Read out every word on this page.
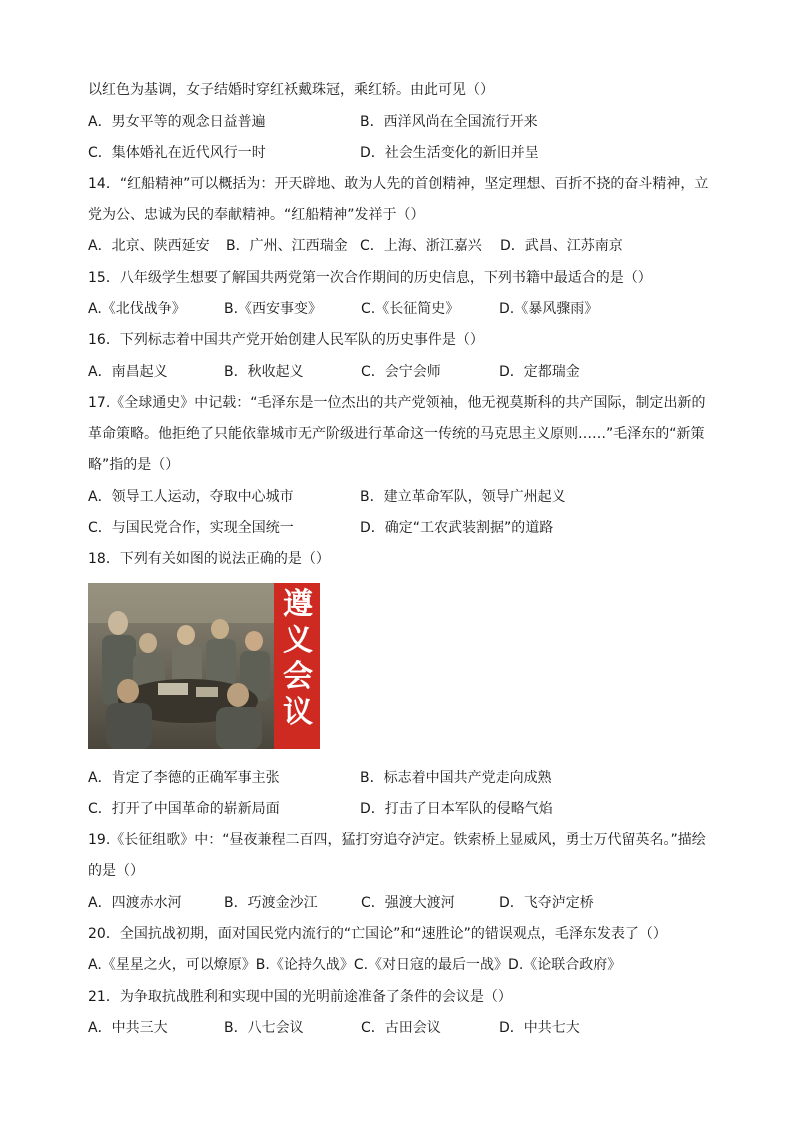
以红色为基调，女子结婚时穿红袄戴珠冠，乘红轿。由此可见（）
A．男女平等的观念日益普遍	B．西洋风尚在全国流行开来
C．集体婚礼在近代风行一时	D．社会生活变化的新旧并呈
14．“红船精神”可以概括为：开天辟地、敢为人先的首创精神，坚定理想、百折不挠的奋斗精神，立
党为公、忠诚为民的奉献精神。“红船精神”发祥于（）
A．北京、陕西延安 B．广州、江西瑞金 C．上海、浙江嘉兴 D．武昌、江苏南京
15．八年级学生想要了解国共两党第一次合作期间的历史信息，下列书籍中最适合的是（）
A.《北伐战争》	B.《西安事变》	C.《长征简史》	D.《暴风骤雨》
16．下列标志着中国共产党开始创建人民军队的历史事件是（）
A．南昌起义	B．秋收起义	C．会宁会师	D．定都瑞金
17.《全球通史》中记载：“毛泽东是一位杰出的共产党领袖，他无视莫斯科的共产国际，制定出新的
革命策略。他拒绝了只能依靠城市无产阶级进行革命这一传统的马克思主义原则……”毛泽东的“新策
略”指的是（）
A．领导工人运动，夺取中心城市	B．建立革命军队，领导广州起义
C．与国民党合作，实现全国统一	D．确定“工农武装割据”的道路
18．下列有关如图的说法正确的是（）
遵
义
会
议
A．肯定了李德的正确军事主张	B．标志着中国共产党走向成熟
C．打开了中国革命的崭新局面	D．打击了日本军队的侵略气焰
19.《长征组歌》中：“昼夜兼程二百四，猛打穷追夺泸定。铁索桥上显威风，勇士万代留英名。”描绘
的是（）
A．四渡赤水河	B．巧渡金沙江	C．强渡大渡河	D．飞夺泸定桥
20．全国抗战初期，面对国民党内流行的“亡国论”和“速胜论”的错误观点，毛泽东发表了（）
A.《星星之火，可以燎原》B.《论持久战》C.《对日寇的最后一战》D.《论联合政府》
21．为争取抗战胜利和实现中国的光明前途准备了条件的会议是（）
A．中共三大	B．八七会议	C．古田会议	D．中共七大
